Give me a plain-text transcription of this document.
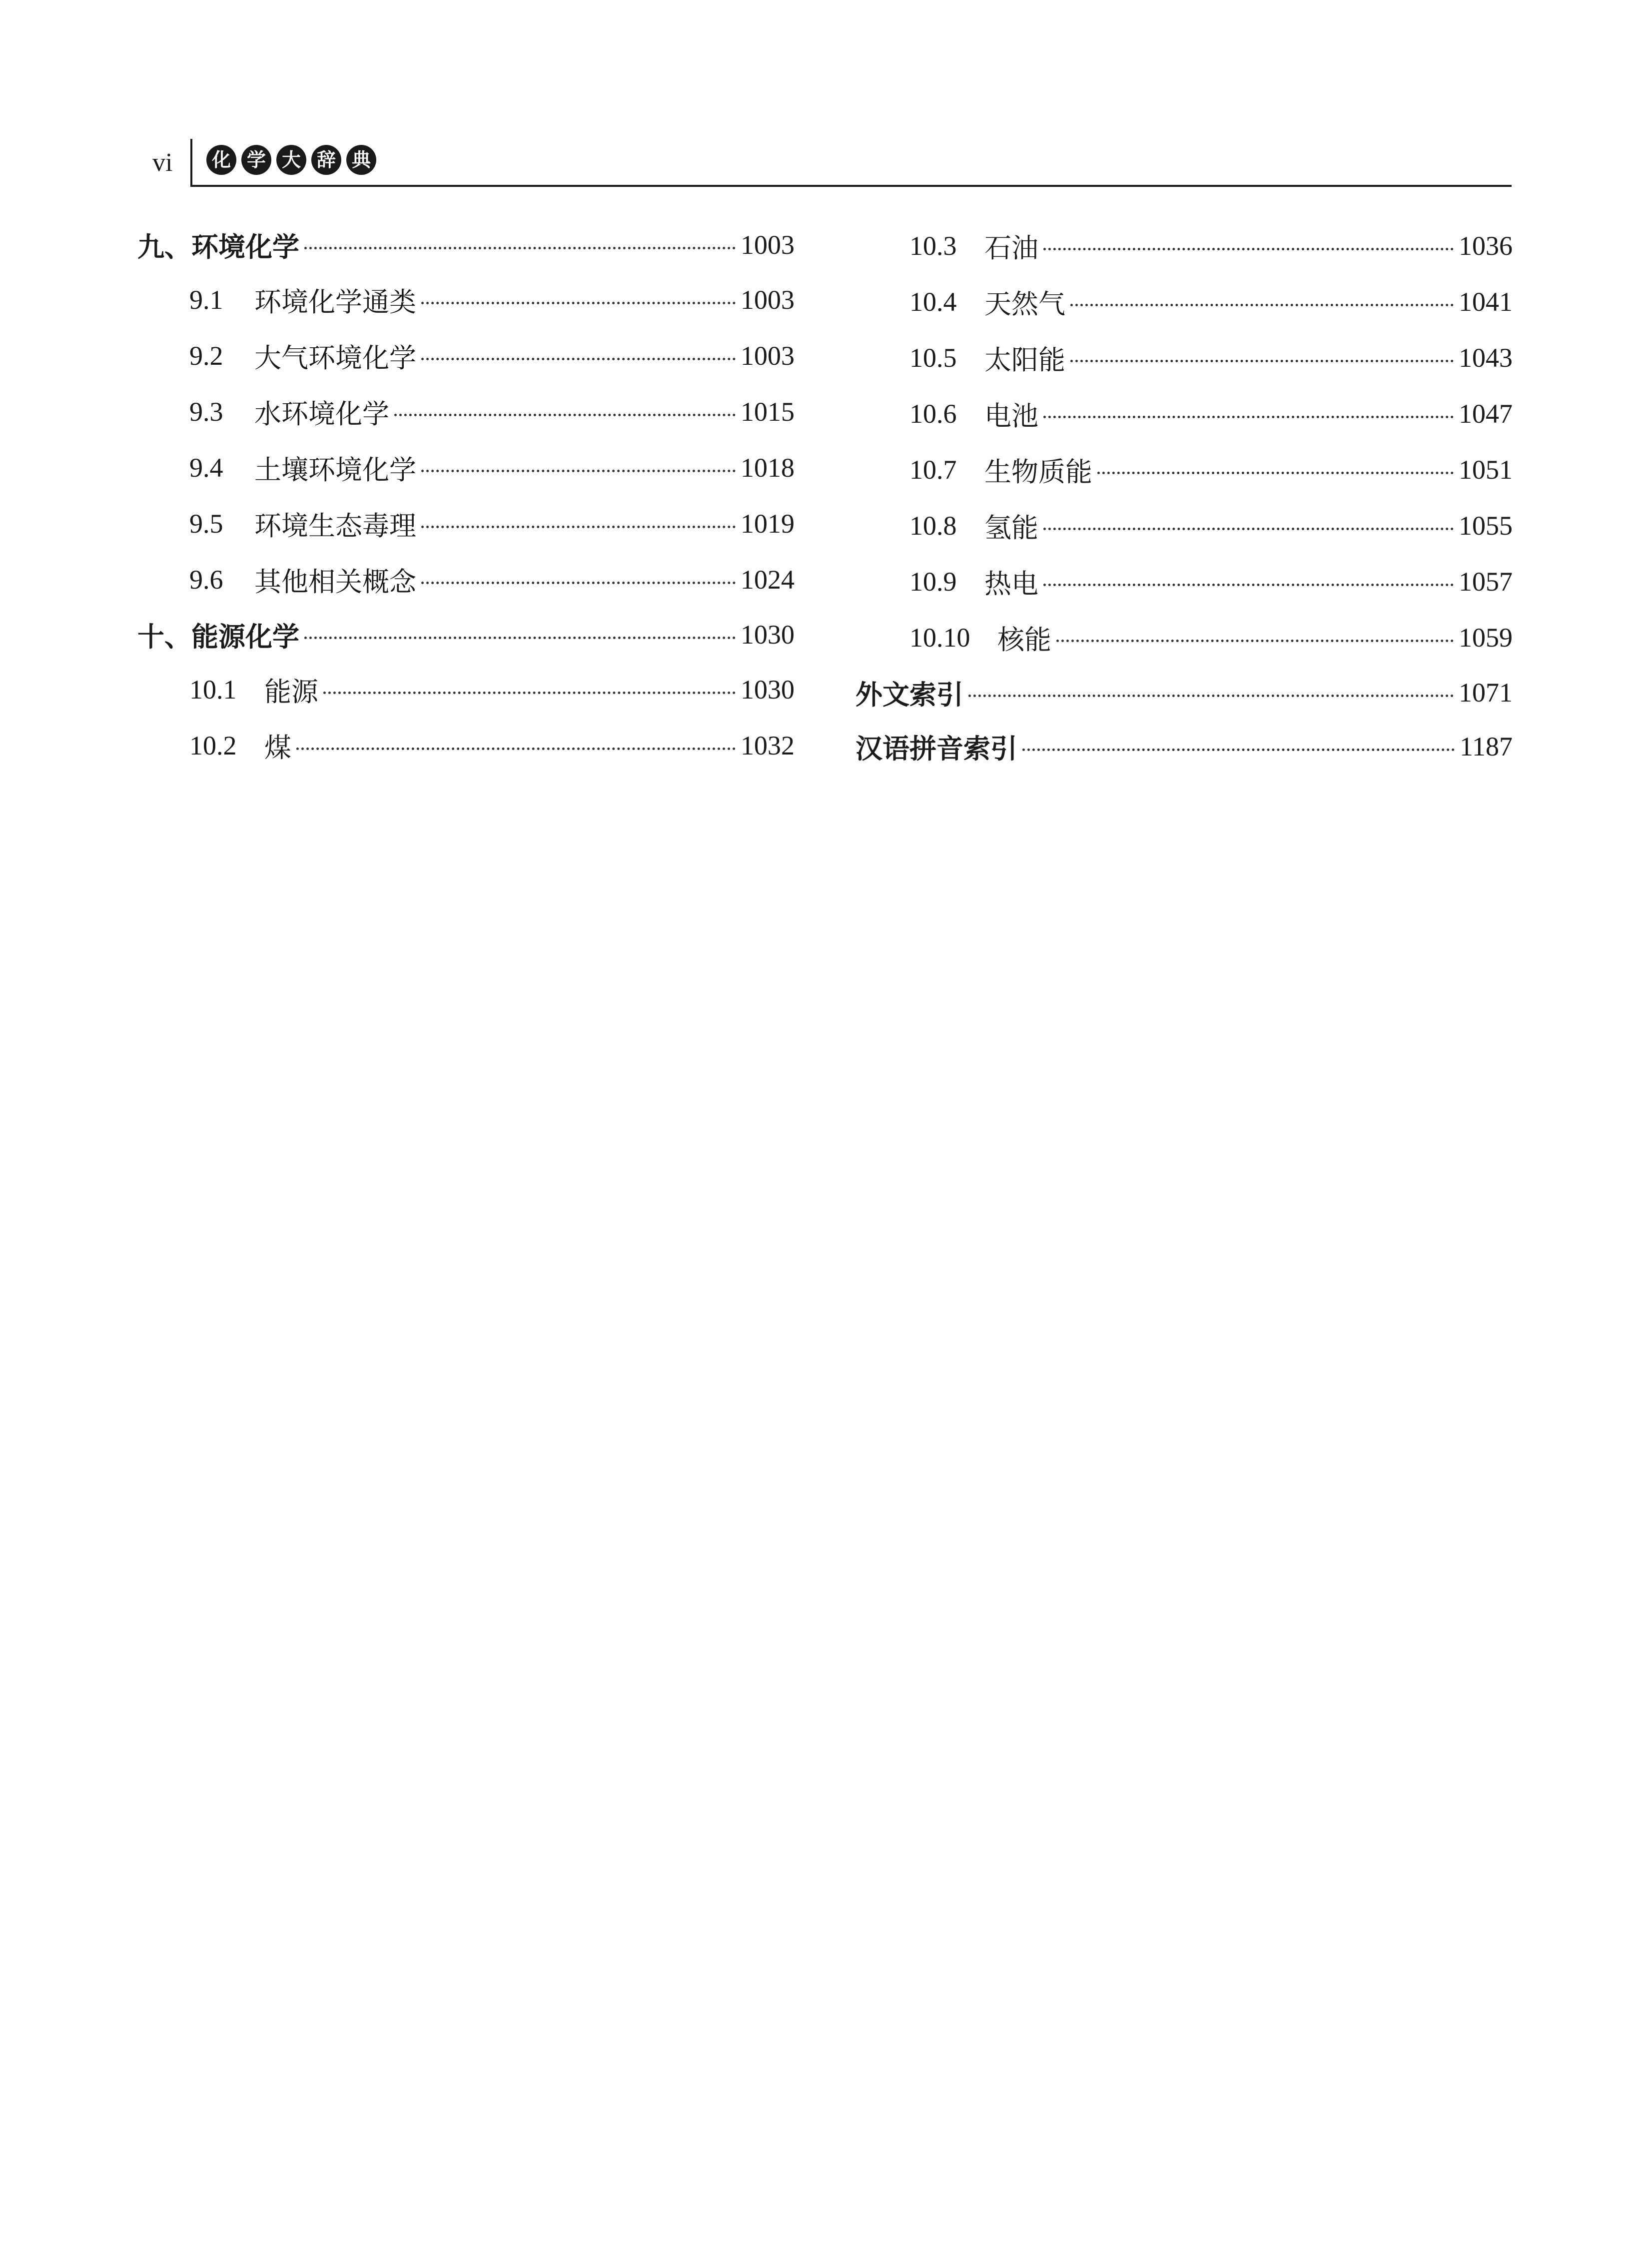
vi 化 学 大 辞 典
九、环境化学	1003
9.1	环境化学通类	1003
9.2	大气环境化学	1003
9.3	水环境化学	1015
9.4	土壤环境化学	1018
9.5	环境生态毒理	1019
9.6	其他相关概念	1024
十、能源化学	1030
10.1	能源	1030
10.2	煤	1032
10.3	石油	1036
10.4	天然气	1041
10.5	太阳能	1043
10.6	电池	1047
10.7	生物质能	1051
10.8	氢能	1055
10.9	热电	1057
10.10	核能	1059
外文索引	1071
汉语拼音索引	1187
